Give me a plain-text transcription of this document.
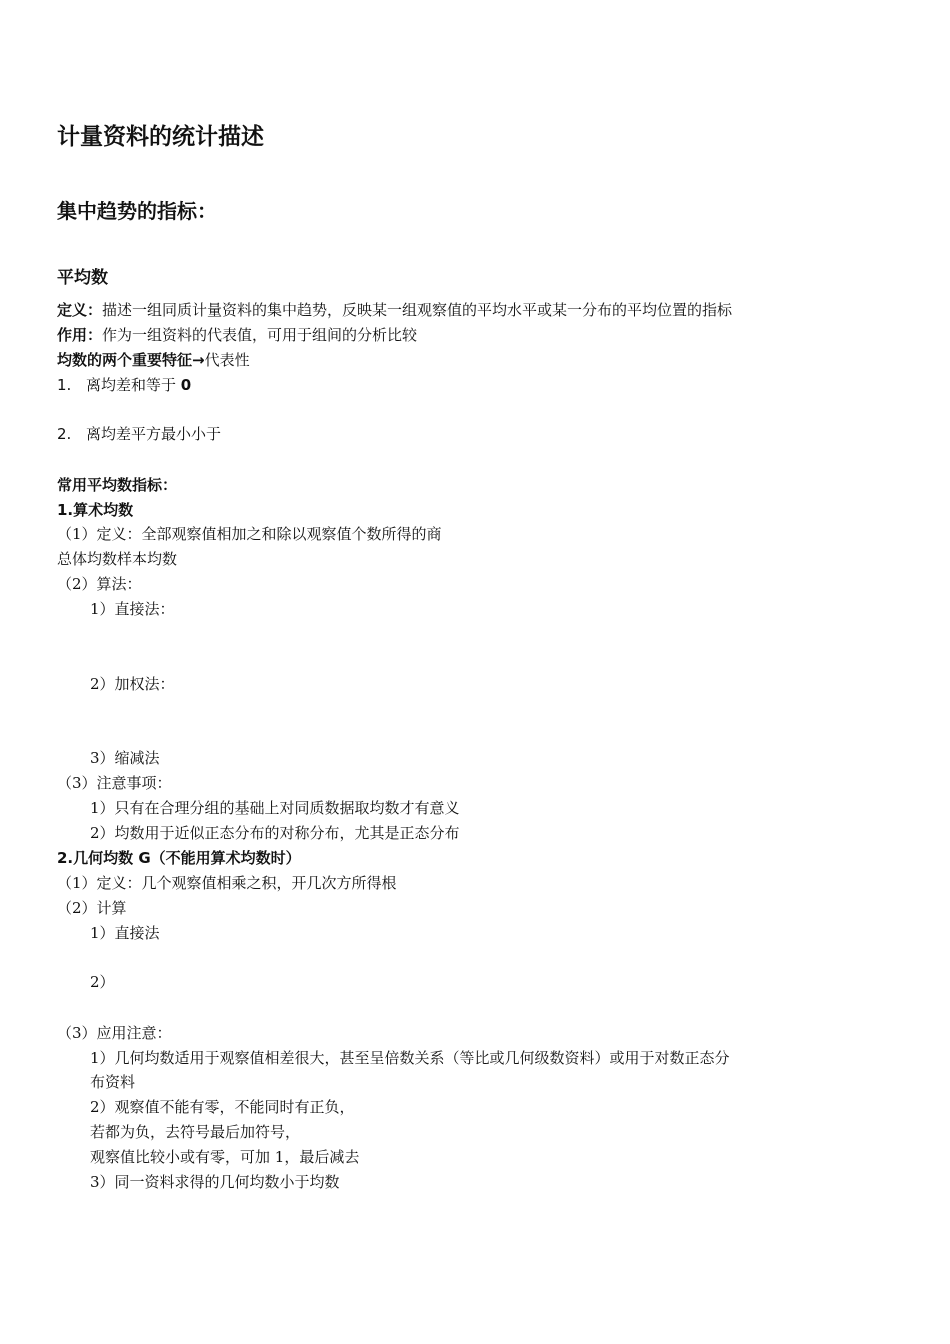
计量资料的统计描述
集中趋势的指标：
平均数
定义：描述一组同质计量资料的集中趋势，反映某一组观察值的平均水平或某一分布的平均位置的指标
作用：作为一组资料的代表值，可用于组间的分析比较
均数的两个重要特征→代表性
1. 离均差和等于 0
2. 离均差平方最小小于
常用平均数指标：
1.算术均数
（1）定义：全部观察值相加之和除以观察值个数所得的商
总体均数样本均数
（2）算法：
1）直接法：
2）加权法：
3）缩减法
（3）注意事项：
1）只有在合理分组的基础上对同质数据取均数才有意义
2）均数用于近似正态分布的对称分布，尤其是正态分布
2.几何均数 G（不能用算术均数时）
（1）定义：几个观察值相乘之积，开几次方所得根
（2）计算
1）直接法
2）
（3）应用注意：
1）几何均数适用于观察值相差很大，甚至呈倍数关系（等比或几何级数资料）或用于对数正态分
布资料
2）观察值不能有零，不能同时有正负，
若都为负，去符号最后加符号，
观察值比较小或有零，可加 1，最后减去
3）同一资料求得的几何均数小于均数
